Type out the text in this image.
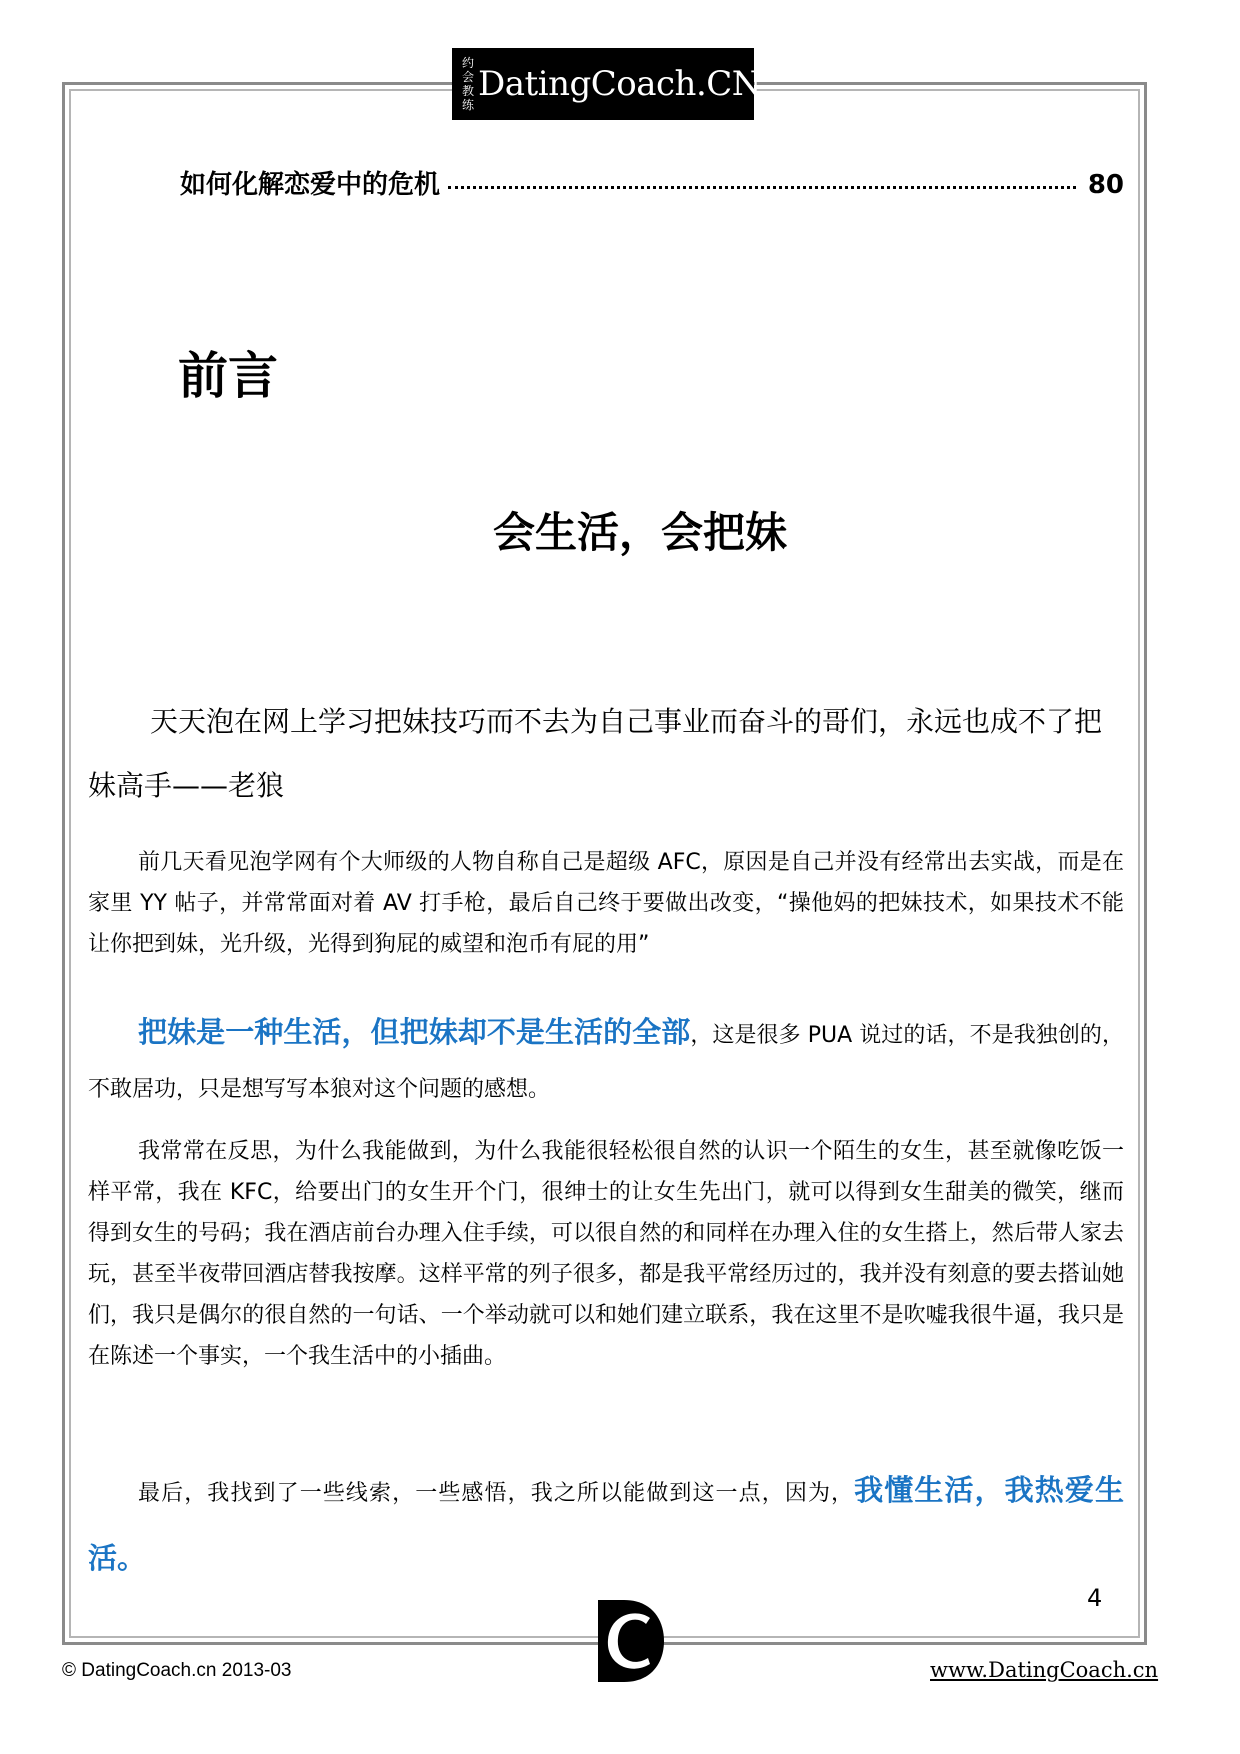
约会
教练
DatingCoach.CN
如何化解恋爱中的危机	80
前言
会生活，会把妹

天天泡在网上学习把妹技巧而不去为自己事业而奋斗的哥们，永远也成不了把妹高手——老狼

前几天看见泡学网有个大师级的人物自称自己是超级 AFC，原因是自己并没有经常出去实战，而是在家里 YY 帖子，并常常面对着 AV 打手枪，最后自己终于要做出改变，“操他妈的把妹技术，如果技术不能让你把到妹，光升级，光得到狗屁的威望和泡币有屁的用”

把妹是一种生活，但把妹却不是生活的全部，这是很多 PUA 说过的话，不是我独创的，不敢居功，只是想写写本狼对这个问题的感想。

我常常在反思，为什么我能做到，为什么我能很轻松很自然的认识一个陌生的女生，甚至就像吃饭一样平常，我在 KFC，给要出门的女生开个门，很绅士的让女生先出门，就可以得到女生甜美的微笑，继而得到女生的号码；我在酒店前台办理入住手续，可以很自然的和同样在办理入住的女生搭上，然后带人家去玩，甚至半夜带回酒店替我按摩。这样平常的列子很多，都是我平常经历过的，我并没有刻意的要去搭讪她们，我只是偶尔的很自然的一句话、一个举动就可以和她们建立联系，我在这里不是吹嘘我很牛逼，我只是在陈述一个事实，一个我生活中的小插曲。

最后，我找到了一些线索，一些感悟，我之所以能做到这一点，因为，我懂生活，我热爱生活。

4
© DatingCoach.cn 2013-03	www.DatingCoach.cn
